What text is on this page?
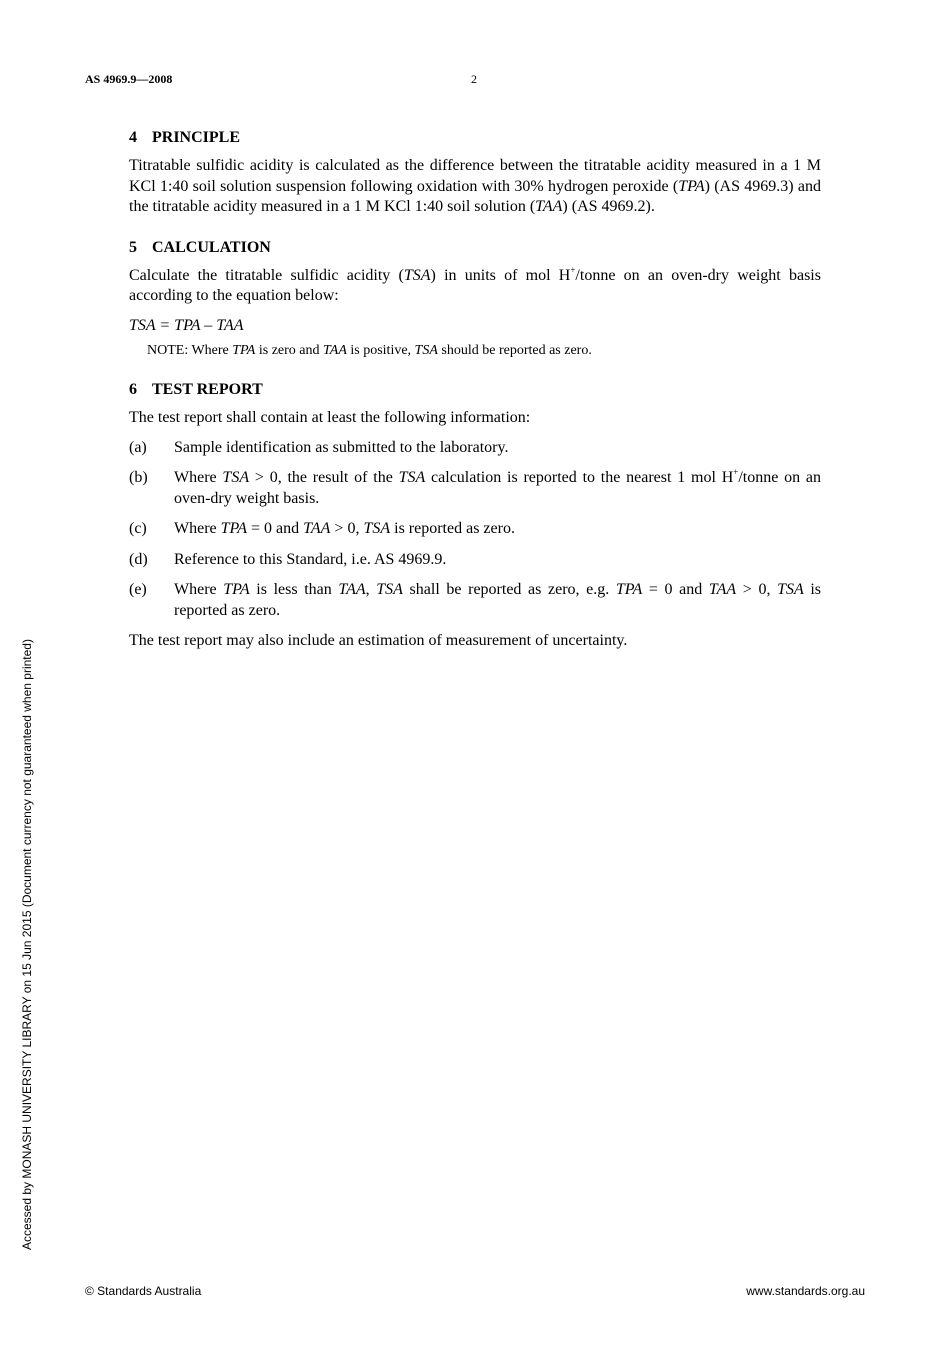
AS 4969.9—2008	2
4 PRINCIPLE

Titratable sulfidic acidity is calculated as the difference between the titratable acidity measured in a 1 M KCl 1:40 soil solution suspension following oxidation with 30% hydrogen peroxide (TPA) (AS 4969.3) and the titratable acidity measured in a 1 M KCl 1:40 soil solution (TAA) (AS 4969.2).

5 CALCULATION

Calculate the titratable sulfidic acidity (TSA) in units of mol H+/tonne on an oven-dry weight basis according to the equation below:

TSA = TPA – TAA

NOTE: Where TPA is zero and TAA is positive, TSA should be reported as zero.

6 TEST REPORT

The test report shall contain at least the following information:

(a)	Sample identification as submitted to the laboratory.
(b)	Where TSA > 0, the result of the TSA calculation is reported to the nearest 1 mol H+/tonne on an oven-dry weight basis.
(c)	Where TPA = 0 and TAA > 0, TSA is reported as zero.
(d)	Reference to this Standard, i.e. AS 4969.9.
(e)	Where TPA is less than TAA, TSA shall be reported as zero, e.g. TPA = 0 and TAA > 0, TSA is reported as zero.

The test report may also include an estimation of measurement of uncertainty.

Accessed by MONASH UNIVERSITY LIBRARY on 15 Jun 2015 (Document currency not guaranteed when printed)
© Standards Australia	www.standards.org.au
